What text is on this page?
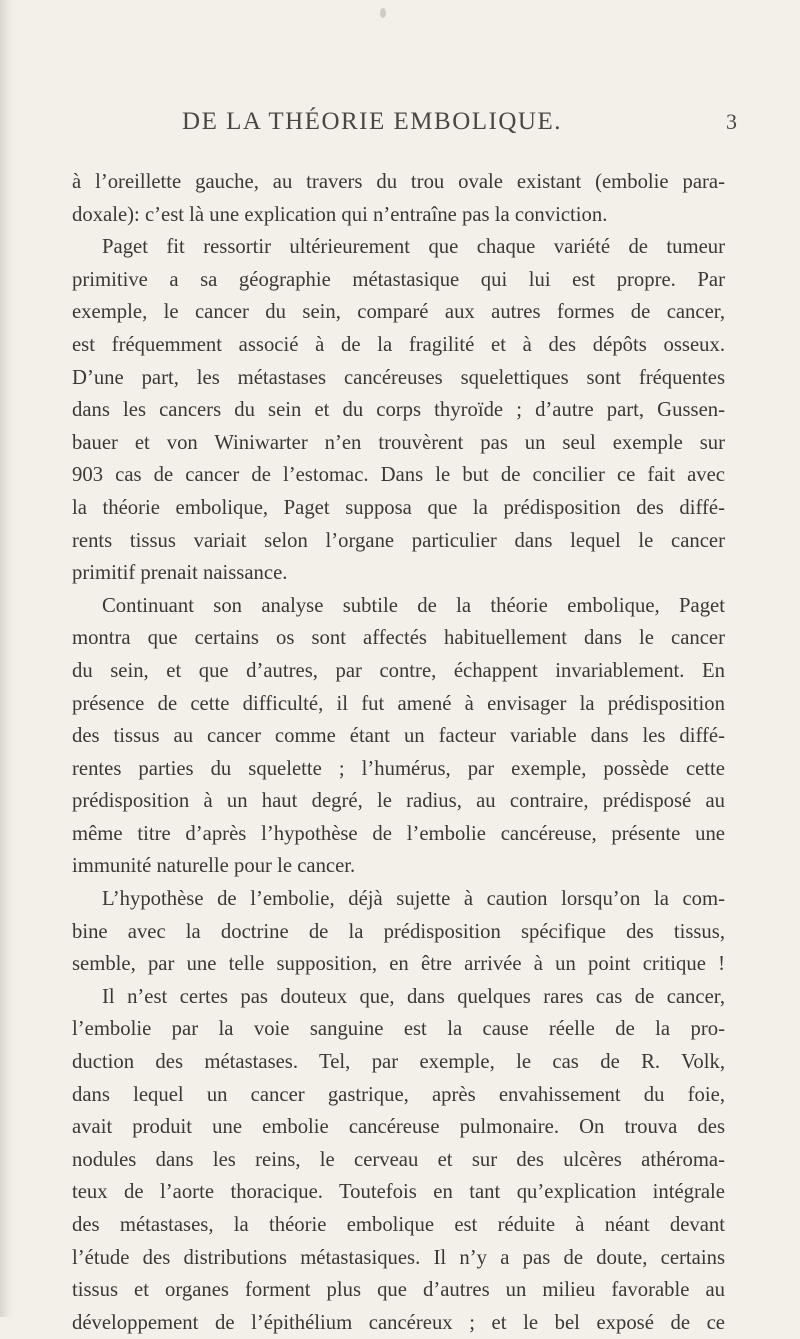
DE LA THÉORIE EMBOLIQUE.	3
à l’oreillette gauche, au travers du trou ovale existant (embolie para-
doxale): c’est là une explication qui n’entraîne pas la conviction.
Paget fit ressortir ultérieurement que chaque variété de tumeur
primitive a sa géographie métastasique qui lui est propre. Par
exemple, le cancer du sein, comparé aux autres formes de cancer,
est fréquemment associé à de la fragilité et à des dépôts osseux.
D’une part, les métastases cancéreuses squelettiques sont fréquentes
dans les cancers du sein et du corps thyroïde ; d’autre part, Gussen-
bauer et von Winiwarter n’en trouvèrent pas un seul exemple sur
903 cas de cancer de l’estomac. Dans le but de concilier ce fait avec
la théorie embolique, Paget supposa que la prédisposition des diffé-
rents tissus variait selon l’organe particulier dans lequel le cancer
primitif prenait naissance.
Continuant son analyse subtile de la théorie embolique, Paget
montra que certains os sont affectés habituellement dans le cancer
du sein, et que d’autres, par contre, échappent invariablement. En
présence de cette difficulté, il fut amené à envisager la prédisposition
des tissus au cancer comme étant un facteur variable dans les diffé-
rentes parties du squelette ; l’humérus, par exemple, possède cette
prédisposition à un haut degré, le radius, au contraire, prédisposé au
même titre d’après l’hypothèse de l’embolie cancéreuse, présente une
immunité naturelle pour le cancer.
L’hypothèse de l’embolie, déjà sujette à caution lorsqu’on la com-
bine avec la doctrine de la prédisposition spécifique des tissus,
semble, par une telle supposition, en être arrivée à un point critique !
Il n’est certes pas douteux que, dans quelques rares cas de cancer,
l’embolie par la voie sanguine est la cause réelle de la pro-
duction des métastases. Tel, par exemple, le cas de R. Volk,
dans lequel un cancer gastrique, après envahissement du foie,
avait produit une embolie cancéreuse pulmonaire. On trouva des
nodules dans les reins, le cerveau et sur des ulcères athéroma-
teux de l’aorte thoracique. Toutefois en tant qu’explication intégrale
des métastases, la théorie embolique est réduite à néant devant
l’étude des distributions métastasiques. Il n’y a pas de doute, certains
tissus et organes forment plus que d’autres un milieu favorable au
développement de l’épithélium cancéreux ; et le bel exposé de ce
